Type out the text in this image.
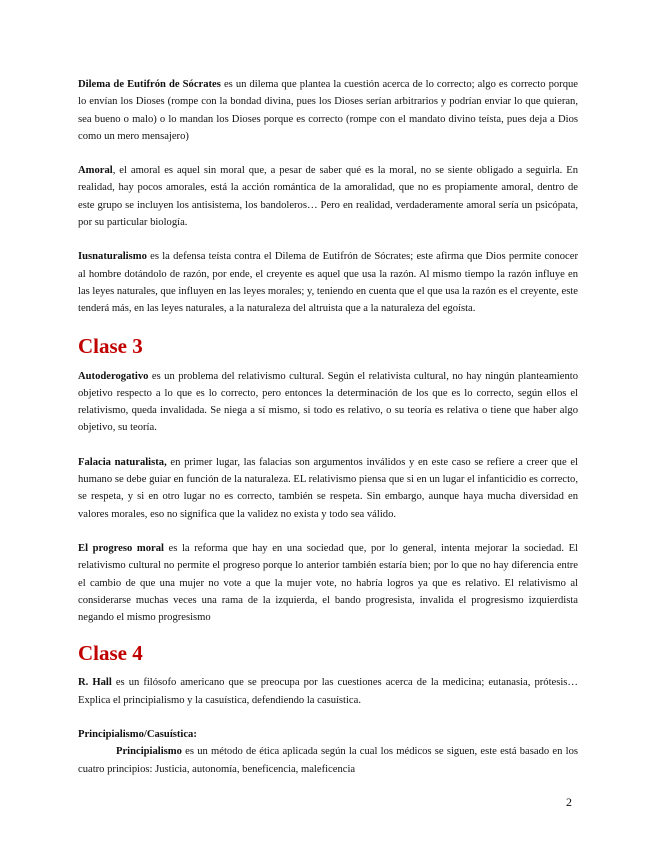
Dilema de Eutifrón de Sócrates es un dilema que plantea la cuestión acerca de lo correcto; algo es correcto porque lo envían los Dioses (rompe con la bondad divina, pues los Dioses serían arbitrarios y podrían enviar lo que quieran, sea bueno o malo) o lo mandan los Dioses porque es correcto (rompe con el mandato divino teísta, pues deja a Dios como un mero mensajero)

Amoral, el amoral es aquel sin moral que, a pesar de saber qué es la moral, no se siente obligado a seguirla. En realidad, hay pocos amorales, está la acción romántica de la amoralidad, que no es propiamente amoral, dentro de este grupo se incluyen los antisistema, los bandoleros… Pero en realidad, verdaderamente amoral sería un psicópata, por su particular biología.

Iusnaturalismo es la defensa teísta contra el Dilema de Eutifrón de Sócrates; este afirma que Dios permite conocer al hombre dotándolo de razón, por ende, el creyente es aquel que usa la razón. Al mismo tiempo la razón influye en las leyes naturales, que influyen en las leyes morales; y, teniendo en cuenta que el que usa la razón es el creyente, este tenderá más, en las leyes naturales, a la naturaleza del altruista que a la naturaleza del egoísta.

Clase 3

Autoderogativo es un problema del relativismo cultural. Según el relativista cultural, no hay ningún planteamiento objetivo respecto a lo que es lo correcto, pero entonces la determinación de los que es lo correcto, según ellos el relativismo, queda invalidada. Se niega a sí mismo, si todo es relativo, o su teoría es relativa o tiene que haber algo objetivo, su teoría.

Falacia naturalista, en primer lugar, las falacias son argumentos inválidos y en este caso se refiere a creer que el humano se debe guiar en función de la naturaleza. EL relativismo piensa que si en un lugar el infanticidio es correcto, se respeta, y si en otro lugar no es correcto, también se respeta. Sin embargo, aunque haya mucha diversidad en valores morales, eso no significa que la validez no exista y todo sea válido.

El progreso moral es la reforma que hay en una sociedad que, por lo general, intenta mejorar la sociedad. El relativismo cultural no permite el progreso porque lo anterior también estaría bien; por lo que no hay diferencia entre el cambio de que una mujer no vote a que la mujer vote, no habría logros ya que es relativo. El relativismo al considerarse muchas veces una rama de la izquierda, el bando progresista, invalida el progresismo izquierdista negando el mismo progresismo

Clase 4

R. Hall es un filósofo americano que se preocupa por las cuestiones acerca de la medicina; eutanasia, prótesis… Explica el principialismo y la casuística, defendiendo la casuística.

Principialismo/Casuística:

Principialismo es un método de ética aplicada según la cual los médicos se siguen, este está basado en los cuatro principios: Justicia, autonomía, beneficencia, maleficencia

2
